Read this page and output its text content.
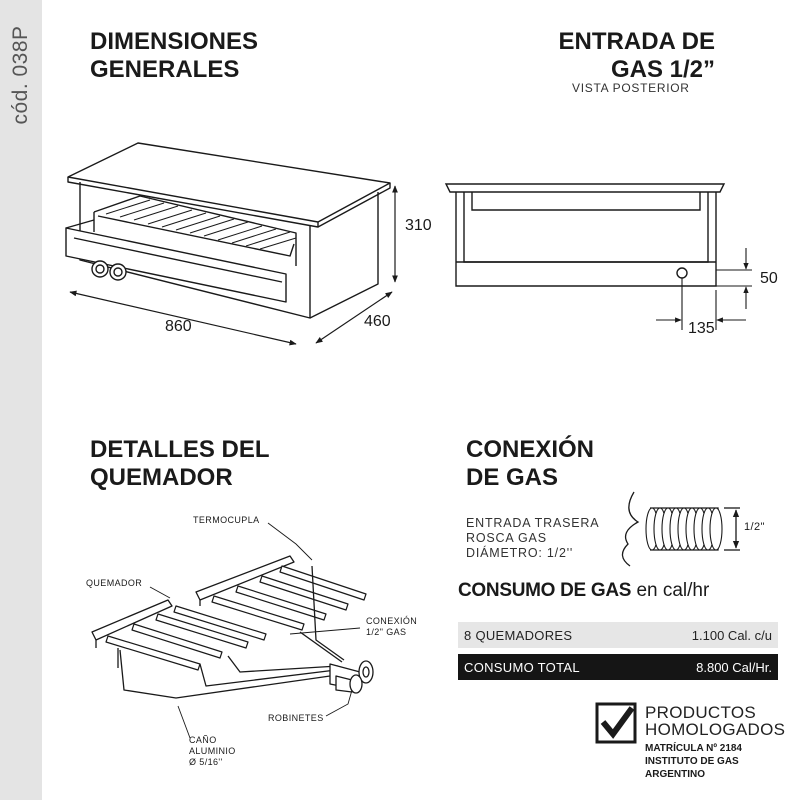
cód. 038P DIMENSIONES
GENERALES
ENTRADA DE
GAS 1/2”
VISTA POSTERIOR
DETALLES DEL
QUEMADOR
CONEXIÓN
DE GAS
860	460
310
50
135
TERMOCUPLA
QUEMADOR
CONEXIÓN
1/2" GAS
ROBINETES
CAÑO
ALUMINIO
Ø 5/16''
ENTRADA TRASERA
ROSCA GAS
DIÁMETRO: 1/2''
1/2"
CONSUMO DE GAS en cal/hr
8 QUEMADORES	1.100 Cal. c/u
CONSUMO TOTAL	8.800 Cal/Hr.
PRODUCTOS
HOMOLOGADOS
MATRÍCULA Nº 2184
INSTITUTO DE GAS ARGENTINO
